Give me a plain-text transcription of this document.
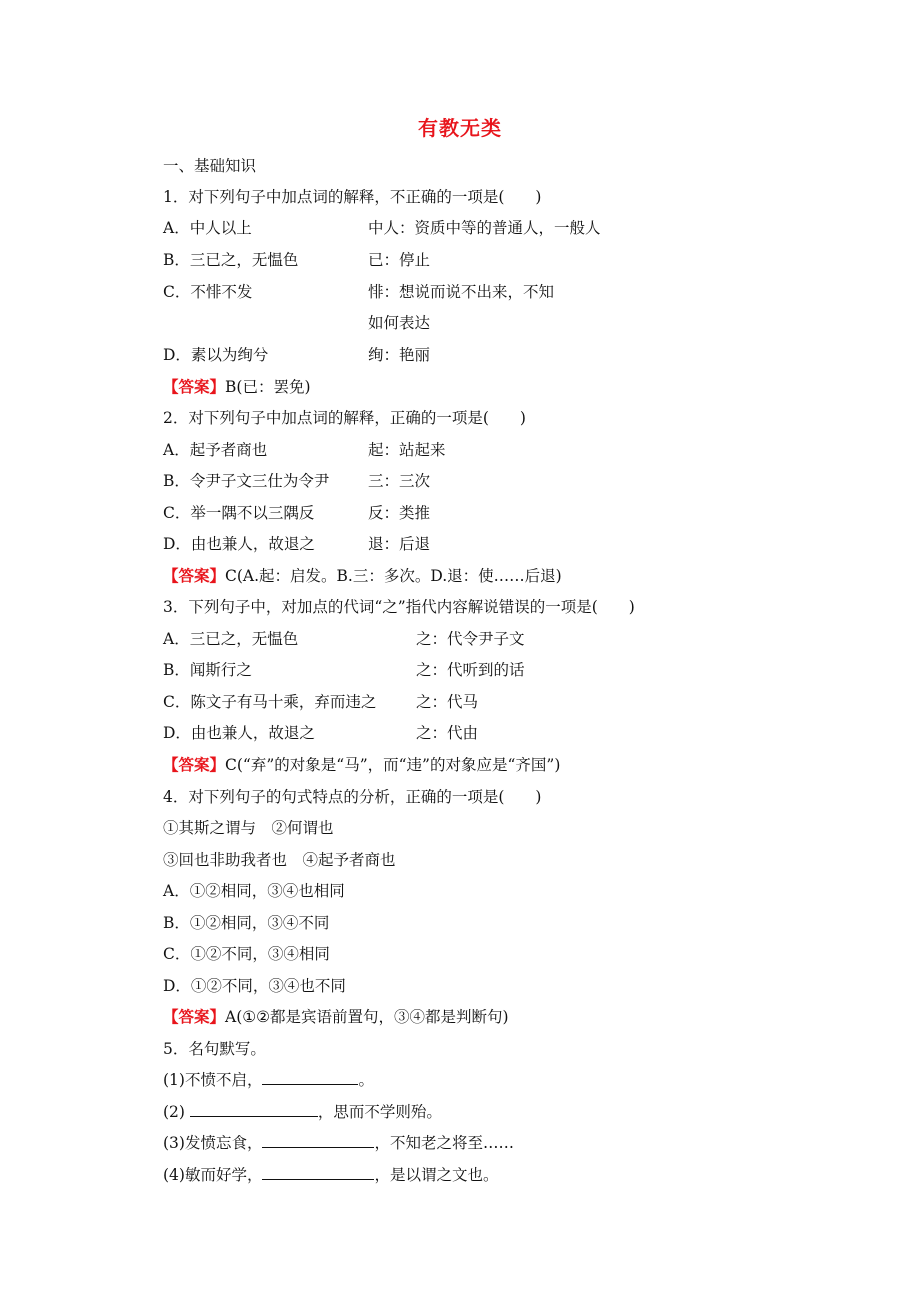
有教无类
一、基础知识
1．对下列句子中加点词的解释，不正确的一项是(　　)
A．中人以上	中人：资质中等的普通人，一般人
B．三已之，无愠色	已：停止
C．不悱不发	悱：想说而说不出来，不知
如何表达
D．素以为绚兮	绚：艳丽
【答案】B(已：罢免)
2．对下列句子中加点词的解释，正确的一项是(　　)
A．起予者商也	起：站起来
B．令尹子文三仕为令尹 三：三次
C．举一隅不以三隅反	反：类推
D．由也兼人，故退之	退：后退
【答案】C(A.起：启发。B.三：多次。D.退：使……后退)
3．下列句子中，对加点的代词“之”指代内容解说错误的一项是(　　)
A．三已之，无愠色	之：代令尹子文
B．闻斯行之	之：代听到的话
C．陈文子有马十乘，弃而违之	之：代马
D．由也兼人，故退之	之：代由
【答案】C(“弃”的对象是“马”，而“违”的对象应是“齐国”)
4．对下列句子的句式特点的分析，正确的一项是(　　)
①其斯之谓与　②何谓也
③回也非助我者也　④起予者商也
A．①②相同，③④也相同
B．①②相同，③④不同
C．①②不同，③④相同
D．①②不同，③④也不同
【答案】A(①②都是宾语前置句，③④都是判断句)
5．名句默写。
(1)不愤不启，	。
(2)	，思而不学则殆。
(3)发愤忘食，	，不知老之将至……
(4)敏而好学，	，是以谓之文也。
